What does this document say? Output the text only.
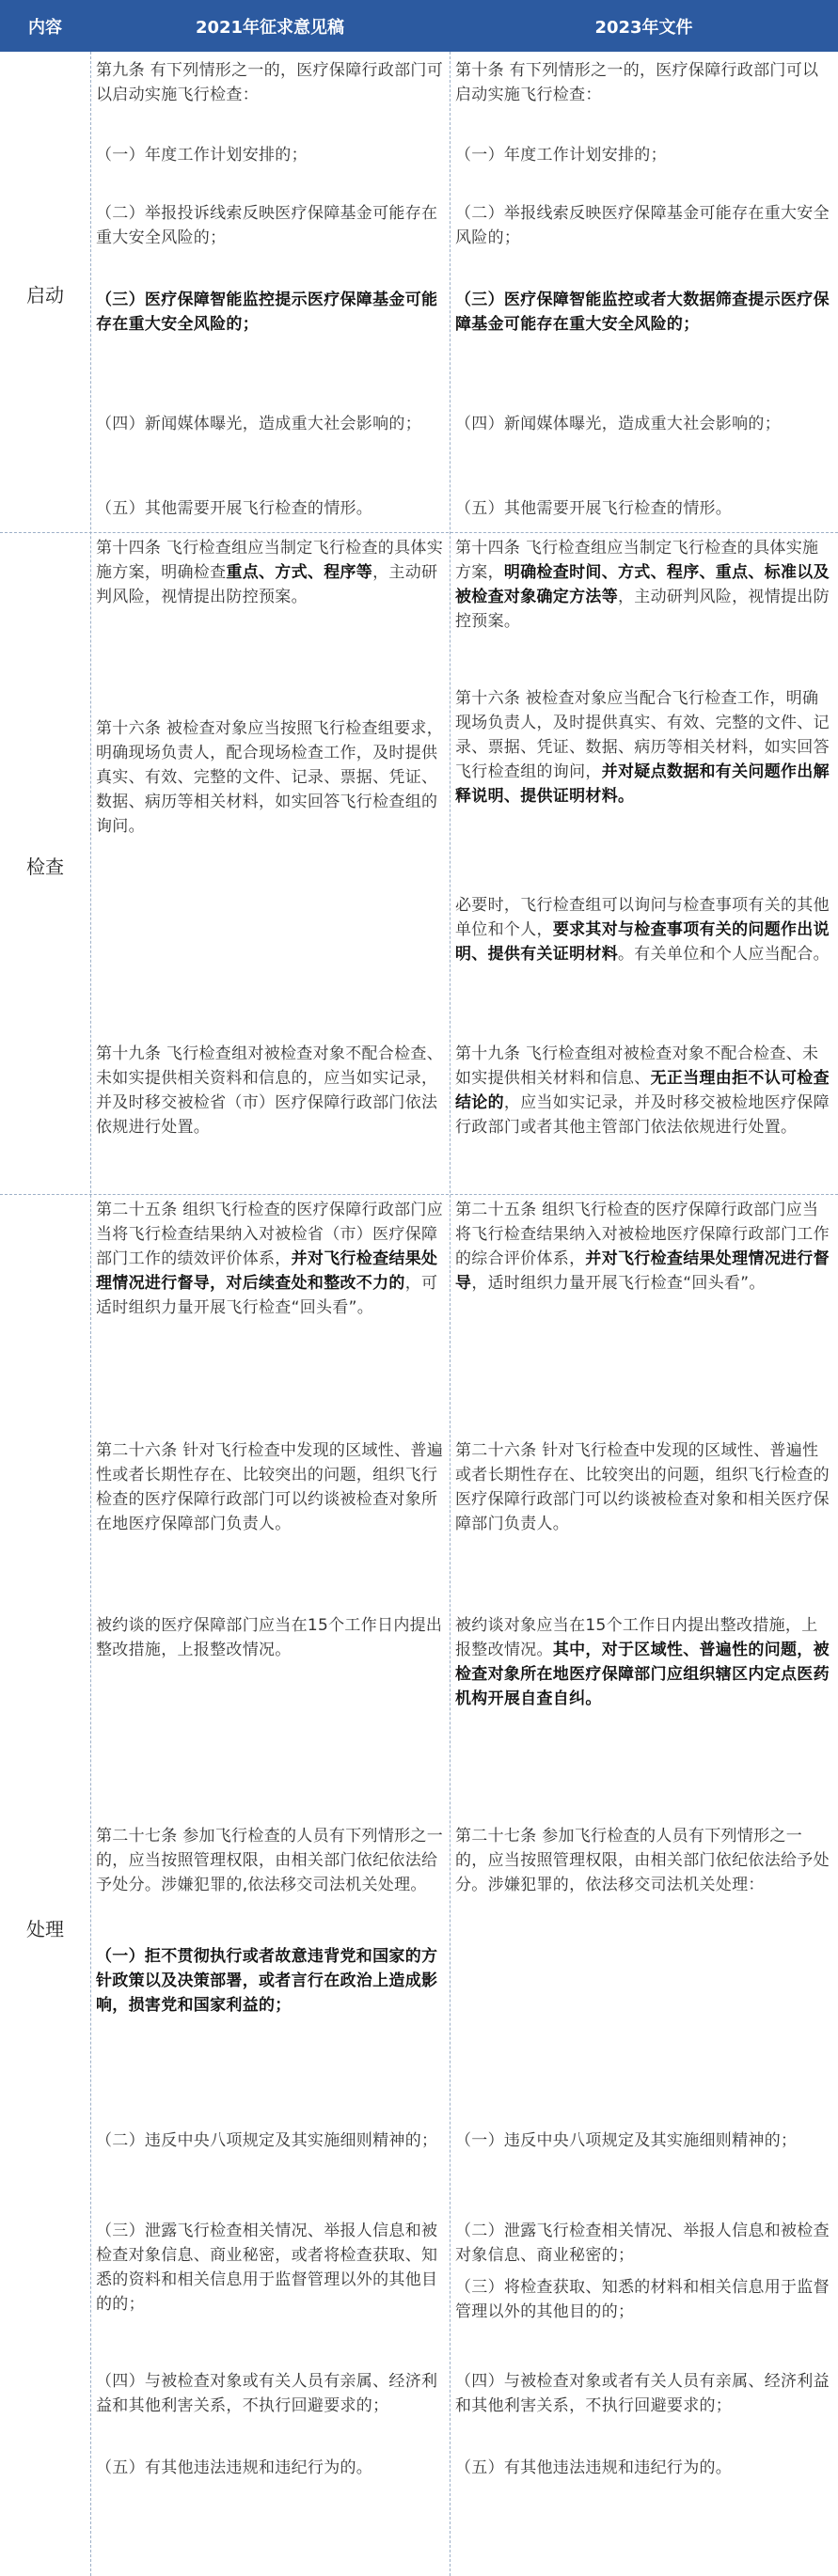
内容	2021年征求意见稿	2023年文件
启动
检查
处理

第九条 有下列情形之一的，医疗保障行政部门可以启动实施飞行检查：

（一）年度工作计划安排的；

（二）举报投诉线索反映医疗保障基金可能存在重大安全风险的；

（三）医疗保障智能监控提示医疗保障基金可能存在重大安全风险的；

（四）新闻媒体曝光，造成重大社会影响的；

（五）其他需要开展飞行检查的情形。

第十条 有下列情形之一的，医疗保障行政部门可以启动实施飞行检查：

（一）年度工作计划安排的；

（二）举报线索反映医疗保障基金可能存在重大安全风险的；

（三）医疗保障智能监控或者大数据筛查提示医疗保障基金可能存在重大安全风险的；

（四）新闻媒体曝光，造成重大社会影响的；

（五）其他需要开展飞行检查的情形。

第十四条 飞行检查组应当制定飞行检查的具体实施方案，明确检查重点、方式、程序等，主动研判风险，视情提出防控预案。

第十六条 被检查对象应当按照飞行检查组要求，明确现场负责人，配合现场检查工作，及时提供真实、有效、完整的文件、记录、票据、凭证、数据、病历等相关材料，如实回答飞行检查组的询问。

第十九条 飞行检查组对被检查对象不配合检查、未如实提供相关资料和信息的，应当如实记录，并及时移交被检省（市）医疗保障行政部门依法依规进行处置。

第十四条 飞行检查组应当制定飞行检查的具体实施方案，明确检查时间、方式、程序、重点、标准以及被检查对象确定方法等，主动研判风险，视情提出防控预案。

第十六条 被检查对象应当配合飞行检查工作，明确现场负责人，及时提供真实、有效、完整的文件、记录、票据、凭证、数据、病历等相关材料，如实回答飞行检查组的询问，并对疑点数据和有关问题作出解释说明、提供证明材料。

必要时，飞行检查组可以询问与检查事项有关的其他单位和个人，要求其对与检查事项有关的问题作出说明、提供有关证明材料。有关单位和个人应当配合。

第十九条 飞行检查组对被检查对象不配合检查、未如实提供相关材料和信息、无正当理由拒不认可检查结论的，应当如实记录，并及时移交被检地医疗保障行政部门或者其他主管部门依法依规进行处置。

第二十五条 组织飞行检查的医疗保障行政部门应当将飞行检查结果纳入对被检省（市）医疗保障部门工作的绩效评价体系，并对飞行检查结果处理情况进行督导，对后续查处和整改不力的，可适时组织力量开展飞行检查“回头看”。

第二十六条 针对飞行检查中发现的区域性、普遍性或者长期性存在、比较突出的问题，组织飞行检查的医疗保障行政部门可以约谈被检查对象所在地医疗保障部门负责人。

被约谈的医疗保障部门应当在15个工作日内提出整改措施，上报整改情况。

第二十七条 参加飞行检查的人员有下列情形之一的，应当按照管理权限，由相关部门依纪依法给予处分。涉嫌犯罪的,依法移交司法机关处理。

（一）拒不贯彻执行或者故意违背党和国家的方针政策以及决策部署，或者言行在政治上造成影响，损害党和国家利益的；

（二）违反中央八项规定及其实施细则精神的；

（三）泄露飞行检查相关情况、举报人信息和被检查对象信息、商业秘密，或者将检查获取、知悉的资料和相关信息用于监督管理以外的其他目的的；

（四）与被检查对象或有关人员有亲属、经济利益和其他利害关系，不执行回避要求的；

（五）有其他违法违规和违纪行为的。

第二十五条 组织飞行检查的医疗保障行政部门应当将飞行检查结果纳入对被检地医疗保障行政部门工作的综合评价体系，并对飞行检查结果处理情况进行督导，适时组织力量开展飞行检查“回头看”。

第二十六条 针对飞行检查中发现的区域性、普遍性或者长期性存在、比较突出的问题，组织飞行检查的医疗保障行政部门可以约谈被检查对象和相关医疗保障部门负责人。

被约谈对象应当在15个工作日内提出整改措施，上报整改情况。其中，对于区域性、普遍性的问题，被检查对象所在地医疗保障部门应组织辖区内定点医药机构开展自查自纠。

第二十七条 参加飞行检查的人员有下列情形之一的，应当按照管理权限，由相关部门依纪依法给予处分。涉嫌犯罪的，依法移交司法机关处理：

（一）违反中央八项规定及其实施细则精神的；

（二）泄露飞行检查相关情况、举报人信息和被检查对象信息、商业秘密的；

（三）将检查获取、知悉的材料和相关信息用于监督管理以外的其他目的的；

（四）与被检查对象或者有关人员有亲属、经济利益和其他利害关系，不执行回避要求的；

（五）有其他违法违规和违纪行为的。
